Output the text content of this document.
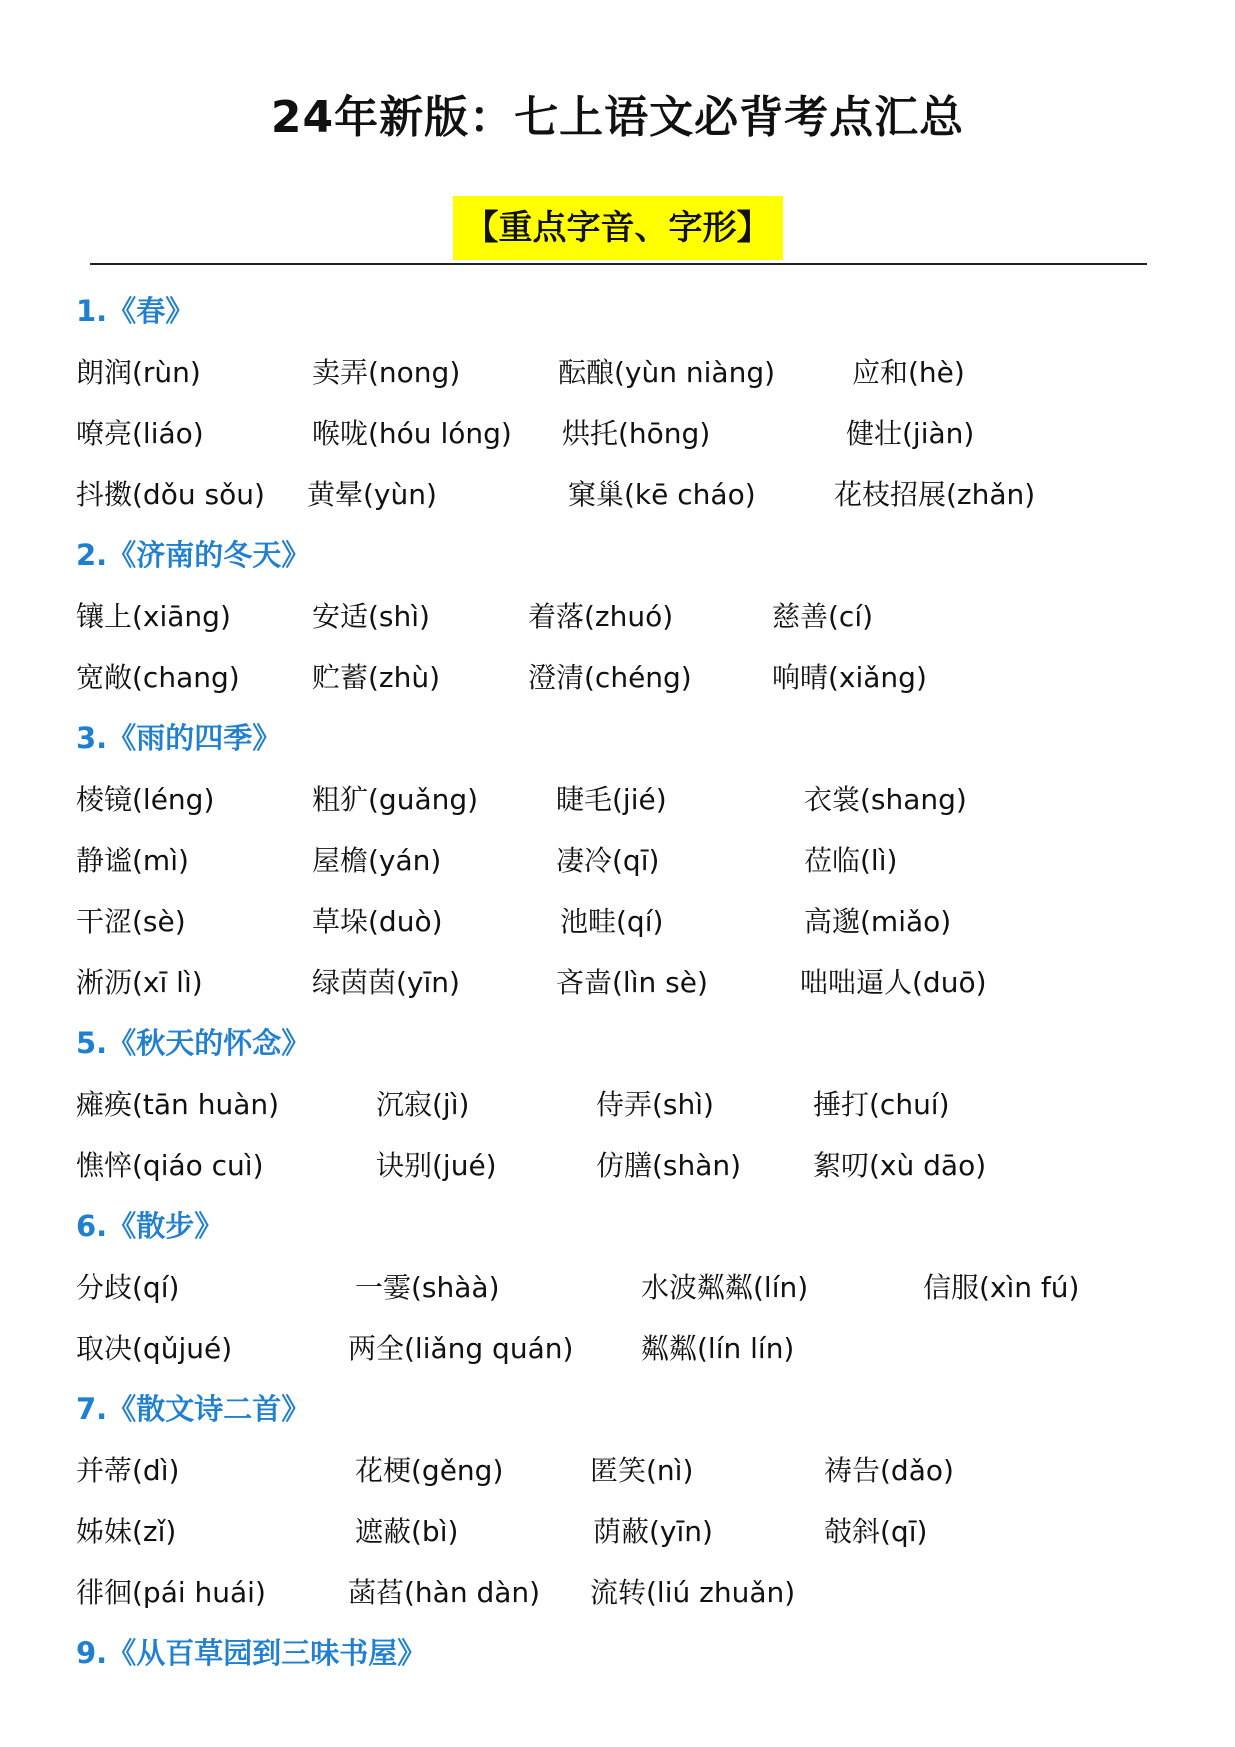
24年新版：七上语文必背考点汇总
【重点字音、字形】
1.《春》
朗润(rùn)	卖弄(nong)	酝酿(yùn niàng)	应和(hè)
嘹亮(liáo)	喉咙(hóu lóng) 烘托(hōng)	健壮(jiàn)
抖擞(dǒu sǒu) 黄晕(yùn)	窠巢(kē cháo)	花枝招展(zhǎn)
2.《济南的冬天》
镶上(xiāng)	安适(shì)	着落(zhuó)	慈善(cí)
宽敞(chang)	贮蓄(zhù)	澄清(chéng)	响晴(xiǎng)
3.《雨的四季》
棱镜(léng)	粗犷(guǎng)	睫毛(jié)	衣裳(shang)
静谧(mì)	屋檐(yán)	凄冷(qī)	莅临(lì)
干涩(sè)	草垛(duò)	池畦(qí)	高邈(miǎo)
淅沥(xī lì)	绿茵茵(yīn)	吝啬(lìn sè)	咄咄逼人(duō)
5.《秋天的怀念》
瘫痪(tān huàn)	沉寂(jì)	侍弄(shì)	捶打(chuí)
憔悴(qiáo cuì)	诀别(jué)	仿膳(shàn)	絮叨(xù dāo)
6.《散步》
分歧(qí)	一霎(shàà)	水波粼粼(lín)	信服(xìn fú)
取决(qǔjué)	两全(liǎng quán) 粼粼(lín lín)
7.《散文诗二首》
并蒂(dì)	花梗(gěng)	匿笑(nì)	祷告(dǎo)
姊妹(zǐ)	遮蔽(bì)	荫蔽(yīn)	攲斜(qī)
徘徊(pái huái)	菡萏(hàn dàn) 流转(liú zhuǎn)
9.《从百草园到三味书屋》
